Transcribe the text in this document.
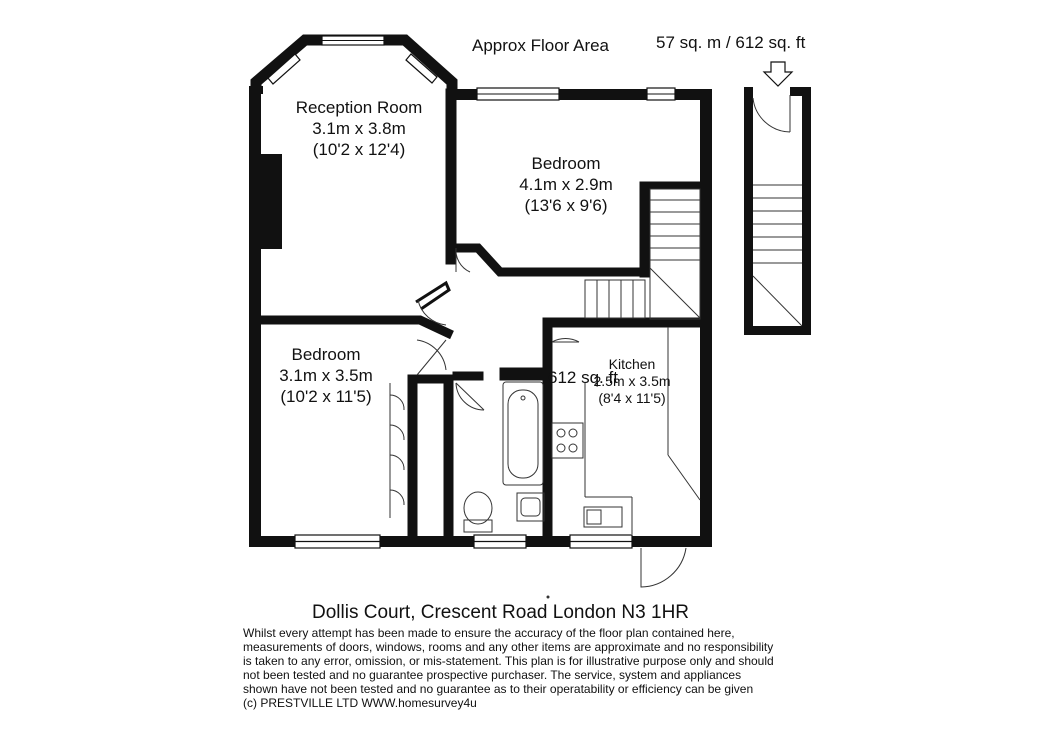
Approx Floor Area	57 sq. m / 612 sq. ft
Reception Room
3.1m x 3.8m
(10'2 x 12'4)
Bedroom
4.1m x 2.9m
(13'6 x 9'6)
Bedroom
3.1m x 3.5m
(10'2 x 11'5)
Kitchen
2.5m x 3.5m
(8'4 x 11'5)
612 sq. ft
Dollis Court, Crescent Road London N3 1HR
Whilst every attempt has been made to ensure the accuracy of the floor plan contained here,
measurements of doors, windows, rooms and any other items are approximate and no responsibility
is taken to any error, omission, or mis-statement. This plan is for illustrative purpose only and should
not been tested and no guarantee prospective purchaser. The service, system and appliances
shown have not been tested and no guarantee as to their operatability or efficiency can be given
(c) PRESTVILLE LTD WWW.homesurvey4u
